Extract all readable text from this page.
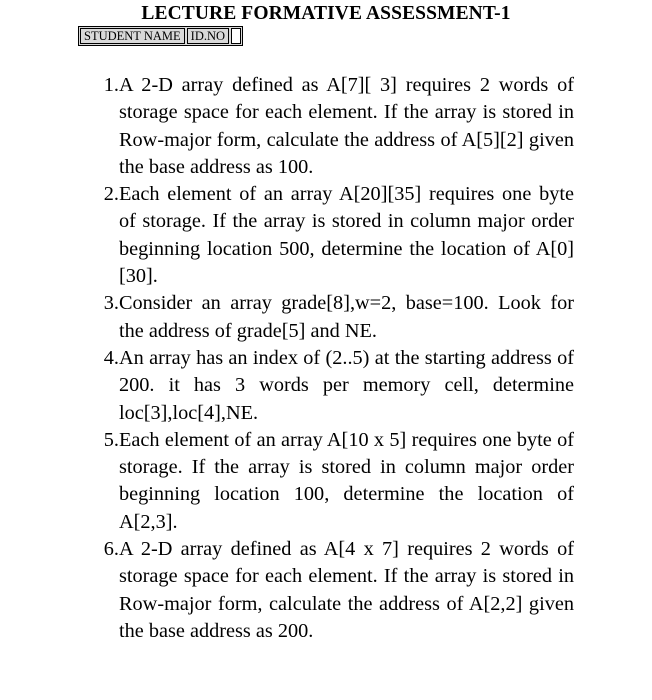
LECTURE FORMATIVE ASSESSMENT-1
STUDENT NAME ID.NO
1. A 2-D array defined as A[7][ 3] requires 2 words of storage space for each element. If the array is stored in Row-major form, calculate the address of A[5][2] given the base address as 100.
2. Each element of an array A[20][35] requires one byte of storage. If the array is stored in column major order beginning location 500, determine the location of A[0][30].
3. Consider an array grade[8],w=2, base=100. Look for the address of grade[5] and NE.
4. An array has an index of (2..5) at the starting address of 200. it has 3 words per memory cell, determine loc[3],loc[4],NE.
5. Each element of an array A[10 x 5] requires one byte of storage. If the array is stored in column major order beginning location 100, determine the location of A[2,3].
6. A 2-D array defined as A[4 x 7] requires 2 words of storage space for each element. If the array is stored in Row-major form, calculate the address of A[2,2] given the base address as 200.
